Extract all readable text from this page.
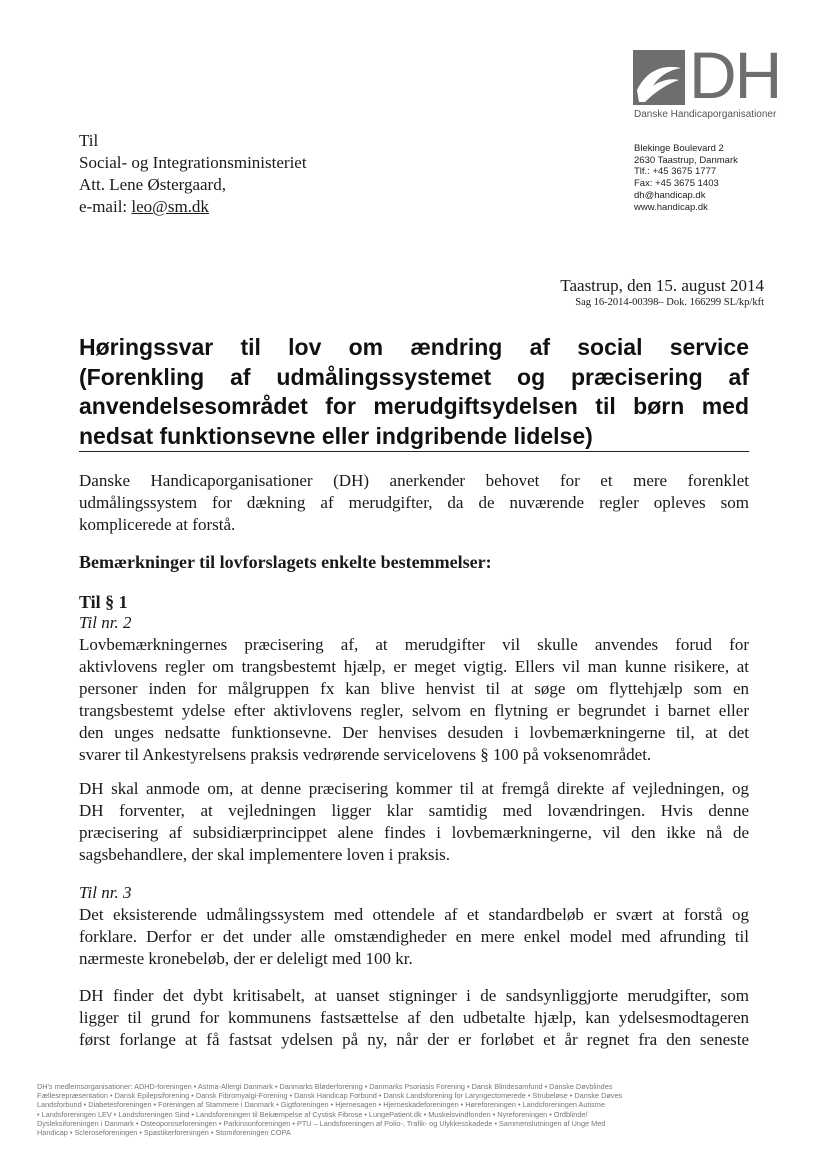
DH
Danske Handicaporganisationer
Til
Social- og Integrationsministeriet
Att. Lene Østergaard,
e-mail: leo@sm.dk
Blekinge Boulevard 2
2630 Taastrup, Danmark
Tlf.: +45 3675 1777
Fax: +45 3675 1403
dh@handicap.dk
www.handicap.dk
Taastrup, den 15. august 2014
Sag 16-2014-00398– Dok. 166299 SL/kp/kft
Høringssvar til lov om ændring af social service
(Forenkling af udmålingssystemet og præcisering af
anvendelsesområdet for merudgiftsydelsen til børn med
nedsat funktionsevne eller indgribende lidelse)
Danske Handicaporganisationer (DH) anerkender behovet for et mere forenklet
udmålingssystem for dækning af merudgifter, da de nuværende regler opleves som
komplicerede at forstå.
Bemærkninger til lovforslagets enkelte bestemmelser:
Til § 1
Til nr. 2
Lovbemærkningernes præcisering af, at merudgifter vil skulle anvendes forud for
aktivlovens regler om trangsbestemt hjælp, er meget vigtig. Ellers vil man kunne risikere, at
personer inden for målgruppen fx kan blive henvist til at søge om flyttehjælp som en
trangsbestemt ydelse efter aktivlovens regler, selvom en flytning er begrundet i barnet eller
den unges nedsatte funktionsevne. Der henvises desuden i lovbemærkningerne til, at det
svarer til Ankestyrelsens praksis vedrørende servicelovens § 100 på voksenområdet.
DH skal anmode om, at denne præcisering kommer til at fremgå direkte af vejledningen, og
DH forventer, at vejledningen ligger klar samtidig med lovændringen. Hvis denne
præcisering af subsidiærprincippet alene findes i lovbemærkningerne, vil den ikke nå de
sagsbehandlere, der skal implementere loven i praksis.
Til nr. 3
Det eksisterende udmålingssystem med ottendele af et standardbeløb er svært at forstå og
forklare. Derfor er det under alle omstændigheder en mere enkel model med afrunding til
nærmeste kronebeløb, der er deleligt med 100 kr.
DH finder det dybt kritisabelt, at uanset stigninger i de sandsynliggjorte merudgifter, som
ligger til grund for kommunens fastsættelse af den udbetalte hjælp, kan ydelsesmodtageren
først forlange at få fastsat ydelsen på ny, når der er forløbet et år regnet fra den seneste
DH's medlemsorganisationer: ADHD-foreningen • Astma-Allergi Danmark • Danmarks Bløderforening • Danmarks Psoriasis Forening • Dansk Blindesamfund • Danske Døvblindes
Fællesrepræsentation • Dansk Epilepsiforening • Dansk Fibromyalgi-Forening • Dansk Handicap Forbund • Dansk Landsforening for Laryngectomerede • Strubeløse • Danske Døves
Landsforbund • Diabetesforeningen • Foreningen af Stammere i Danmark • Gigtforeningen • Hjernesagen • Hjerneskadeforeningen • Høreforeningen • Landsforeningen Autisme
• Landsforeningen LEV • Landsforeningen Sind • Landsforeningen til Bekæmpelse af Cystisk Fibrose • LungePatient.dk • Muskelsvindfonden • Nyreforeningen • Ordblinde/
Dysleksiforeningen i Danmark • Osteoporoseforeningen • Parkinsonforeningen • PTU – Landsforeningen af Polio-, Trafik- og Ulykkesskadede • Sammenslutningen af Unge Med
Handicap • Scleroseforeningen • Spastikerforeningen • Stomiforeningen COPA
